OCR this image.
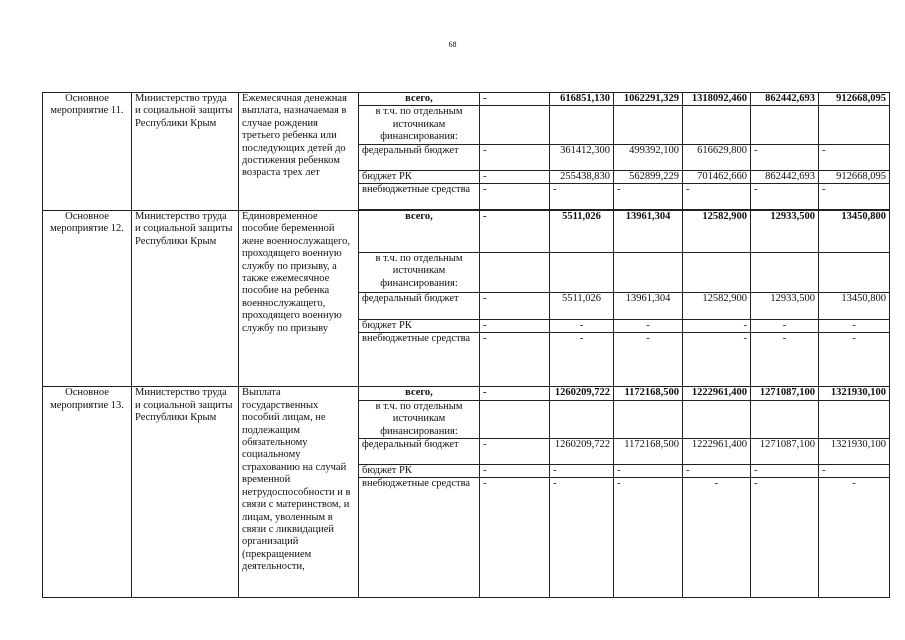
68
Основное мероприятие 11.	Министерство труда и социальной защиты Республики Крым	Ежемесячная денежная выплата, назначаемая в случае рождения третьего ребенка или последующих детей до достижения ребенком возраста трех лет	всего,	-	616851,130	1062291,329	1318092,460	862442,693	912668,095
			в т.ч. по отдельным источникам финансирования:						
			федеральный бюджет	-	361412,300	499392,100	616629,800	-	-
			бюджет РК	-	255438,830	562899,229	701462,660	862442,693	912668,095
			внебюджетные средства	-	-	-	-	-	-

Основное мероприятие 12.	Министерство труда и социальной защиты Республики Крым	Единовременное пособие беременной жене военнослужащего, проходящего военную службу по призыву, а также ежемесячное пособие на ребенка военнослужащего, проходящего военную службу по призыву	всего,	-	5511,026	13961,304	12582,900	12933,500	13450,800
			в т.ч. по отдельным источникам финансирования:						
			федеральный бюджет	-	5511,026	13961,304	12582,900	12933,500	13450,800
			бюджет РК	-	-	-	-	-	-
			внебюджетные средства	-	-	-	-	-	-
Основное мероприятие 13.	Министерство труда и социальной защиты Республики Крым	Выплата государственных пособий лицам, не подлежащим обязательному социальному страхованию на случай временной нетрудоспособности и в связи с материнством, и лицам, уволенным в связи с ликвидацией организаций (прекращением деятельности,	всего,	-	1260209,722	1172168,500	1222961,400	1271087,100	1321930,100
			в т.ч. по отдельным источникам финансирования:						
			федеральный бюджет	-	1260209,722	1172168,500	1222961,400	1271087,100	1321930,100
			бюджет РК	-	-	-	-	-	-
			внебюджетные средства	-	-	-	-	-	-
